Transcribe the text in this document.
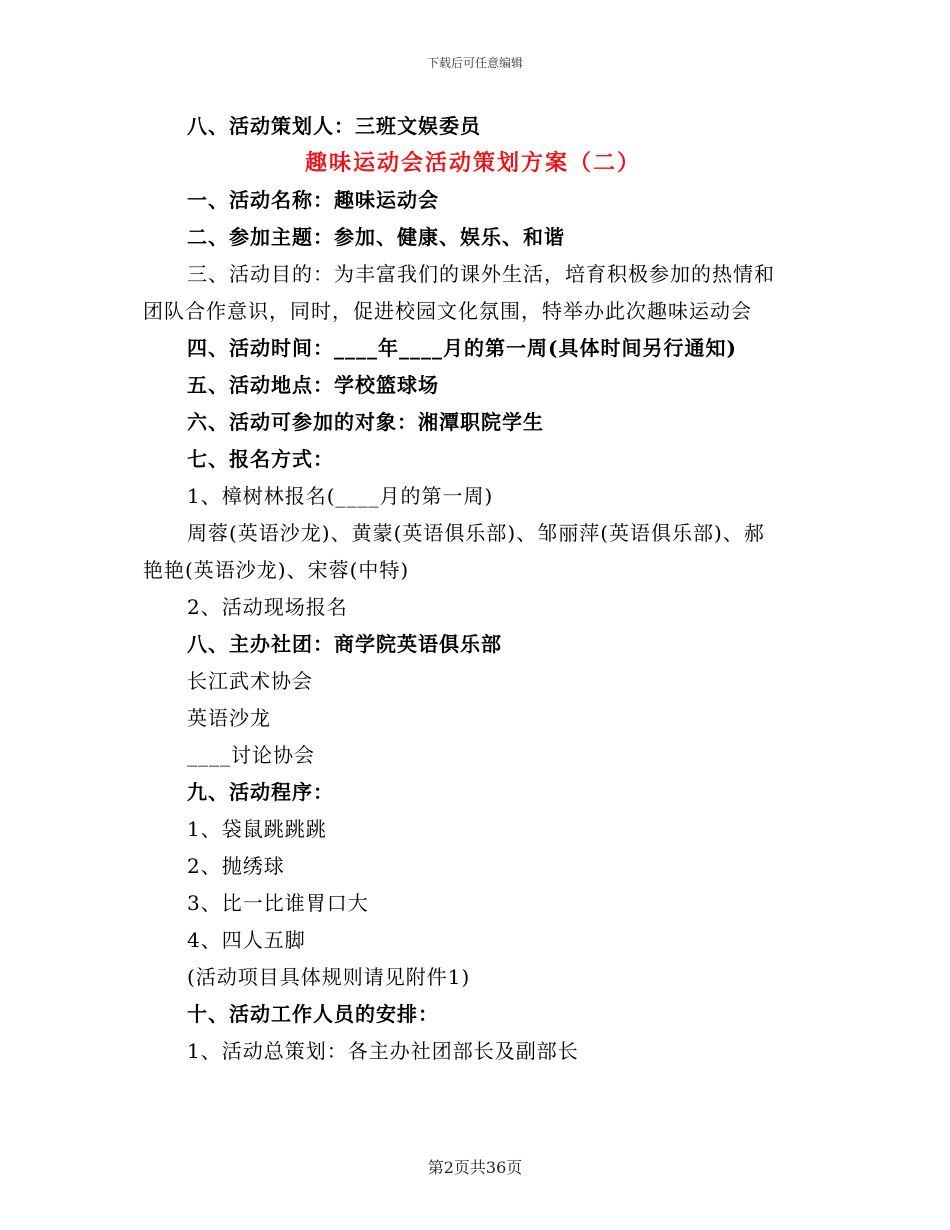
下载后可任意编辑
八、活动策划人：三班文娱委员
趣味运动会活动策划方案（二）
一、活动名称：趣味运动会
二、参加主题：参加、健康、娱乐、和谐
三、活动目的：为丰富我们的课外生活，培育积极参加的热情和
团队合作意识，同时，促进校园文化氛围，特举办此次趣味运动会
四、活动时间：____年____月的第一周(具体时间另行通知)
五、活动地点：学校篮球场
六、活动可参加的对象：湘潭职院学生
七、报名方式：
1、樟树林报名(____月的第一周)
周蓉(英语沙龙)、黄蒙(英语俱乐部)、邹丽萍(英语俱乐部)、郝
艳艳(英语沙龙)、宋蓉(中特)
2、活动现场报名
八、主办社团：商学院英语俱乐部
长江武术协会
英语沙龙
____讨论协会
九、活动程序：
1、袋鼠跳跳跳
2、抛绣球
3、比一比谁胃口大
4、四人五脚
(活动项目具体规则请见附件1)
十、活动工作人员的安排：
1、活动总策划：各主办社团部长及副部长
第2页共36页
